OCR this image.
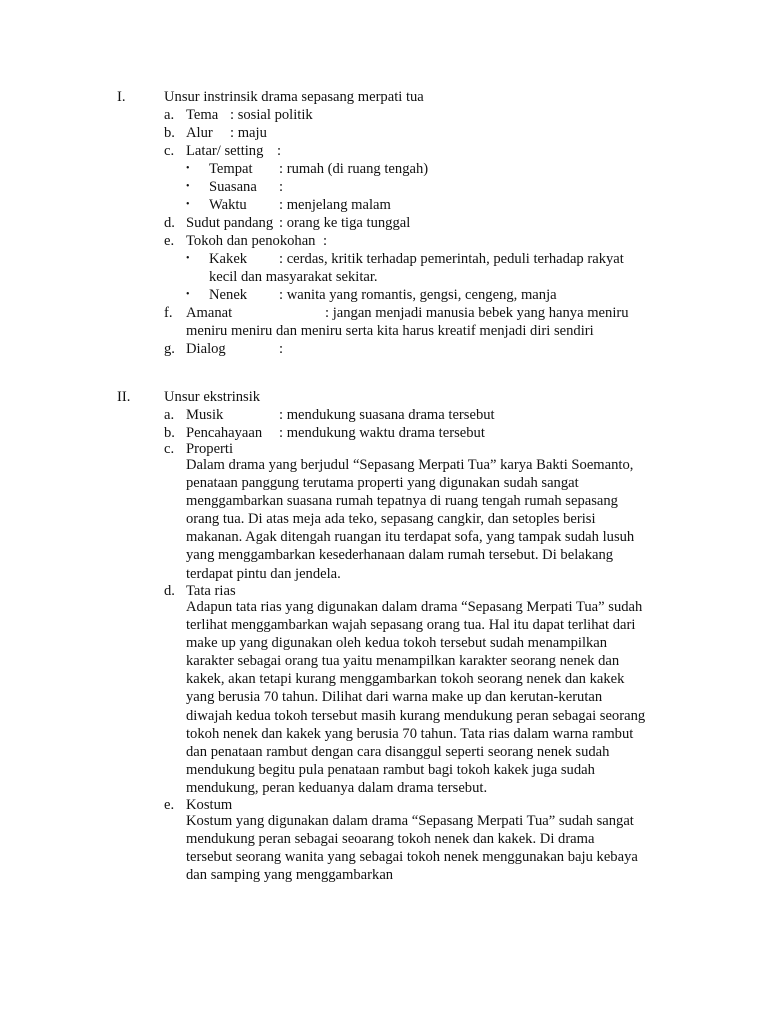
I.	Unsur instrinsik drama sepasang merpati tua
a. Tema : sosial politik
b. Alur : maju
c. Latar/ setting :
• Tempat : rumah (di ruang tengah)
• Suasana :
• Waktu : menjelang malam
d. Sudut pandang : orang ke tiga tunggal
e. Tokoh dan penokohan :
• Kakek : cerdas, kritik terhadap pemerintah, peduli terhadap rakyat
kecil dan masyarakat sekitar.
• Nenek : wanita yang romantis, gengsi, cengeng, manja
f. Amanat	: jangan menjadi manusia bebek yang hanya meniru
meniru meniru dan meniru serta kita harus kreatif menjadi diri sendiri
g. Dialog	:
II. Unsur ekstrinsik
a. Musik	: mendukung suasana drama tersebut
b. Pencahayaan : mendukung waktu drama tersebut
c. Properti
Dalam drama yang berjudul “Sepasang Merpati Tua” karya Bakti Soemanto,
penataan panggung terutama properti yang digunakan sudah sangat
menggambarkan suasana rumah tepatnya di ruang tengah rumah sepasang
orang tua. Di atas meja ada teko, sepasang cangkir, dan setoples berisi
makanan. Agak ditengah ruangan itu terdapat sofa, yang tampak sudah lusuh
yang menggambarkan kesederhanaan dalam rumah tersebut. Di belakang
terdapat pintu dan jendela.
d. Tata rias
Adapun tata rias yang digunakan dalam drama “Sepasang Merpati Tua” sudah
terlihat menggambarkan wajah sepasang orang tua. Hal itu dapat terlihat dari
make up yang digunakan oleh kedua tokoh tersebut sudah menampilkan
karakter sebagai orang tua yaitu menampilkan karakter seorang nenek dan
kakek, akan tetapi kurang menggambarkan tokoh seorang nenek dan kakek
yang berusia 70 tahun. Dilihat dari warna make up dan kerutan-kerutan
diwajah kedua tokoh tersebut masih kurang mendukung peran sebagai seorang
tokoh nenek dan kakek yang berusia 70 tahun. Tata rias dalam warna rambut
dan penataan rambut dengan cara disanggul seperti seorang nenek sudah
mendukung begitu pula penataan rambut bagi tokoh kakek juga sudah
mendukung, peran keduanya dalam drama tersebut.
e. Kostum
Kostum yang digunakan dalam drama “Sepasang Merpati Tua” sudah sangat
mendukung peran sebagai seoarang tokoh nenek dan kakek. Di drama
tersebut seorang wanita yang sebagai tokoh nenek menggunakan baju kebaya
dan samping yang menggambarkan
